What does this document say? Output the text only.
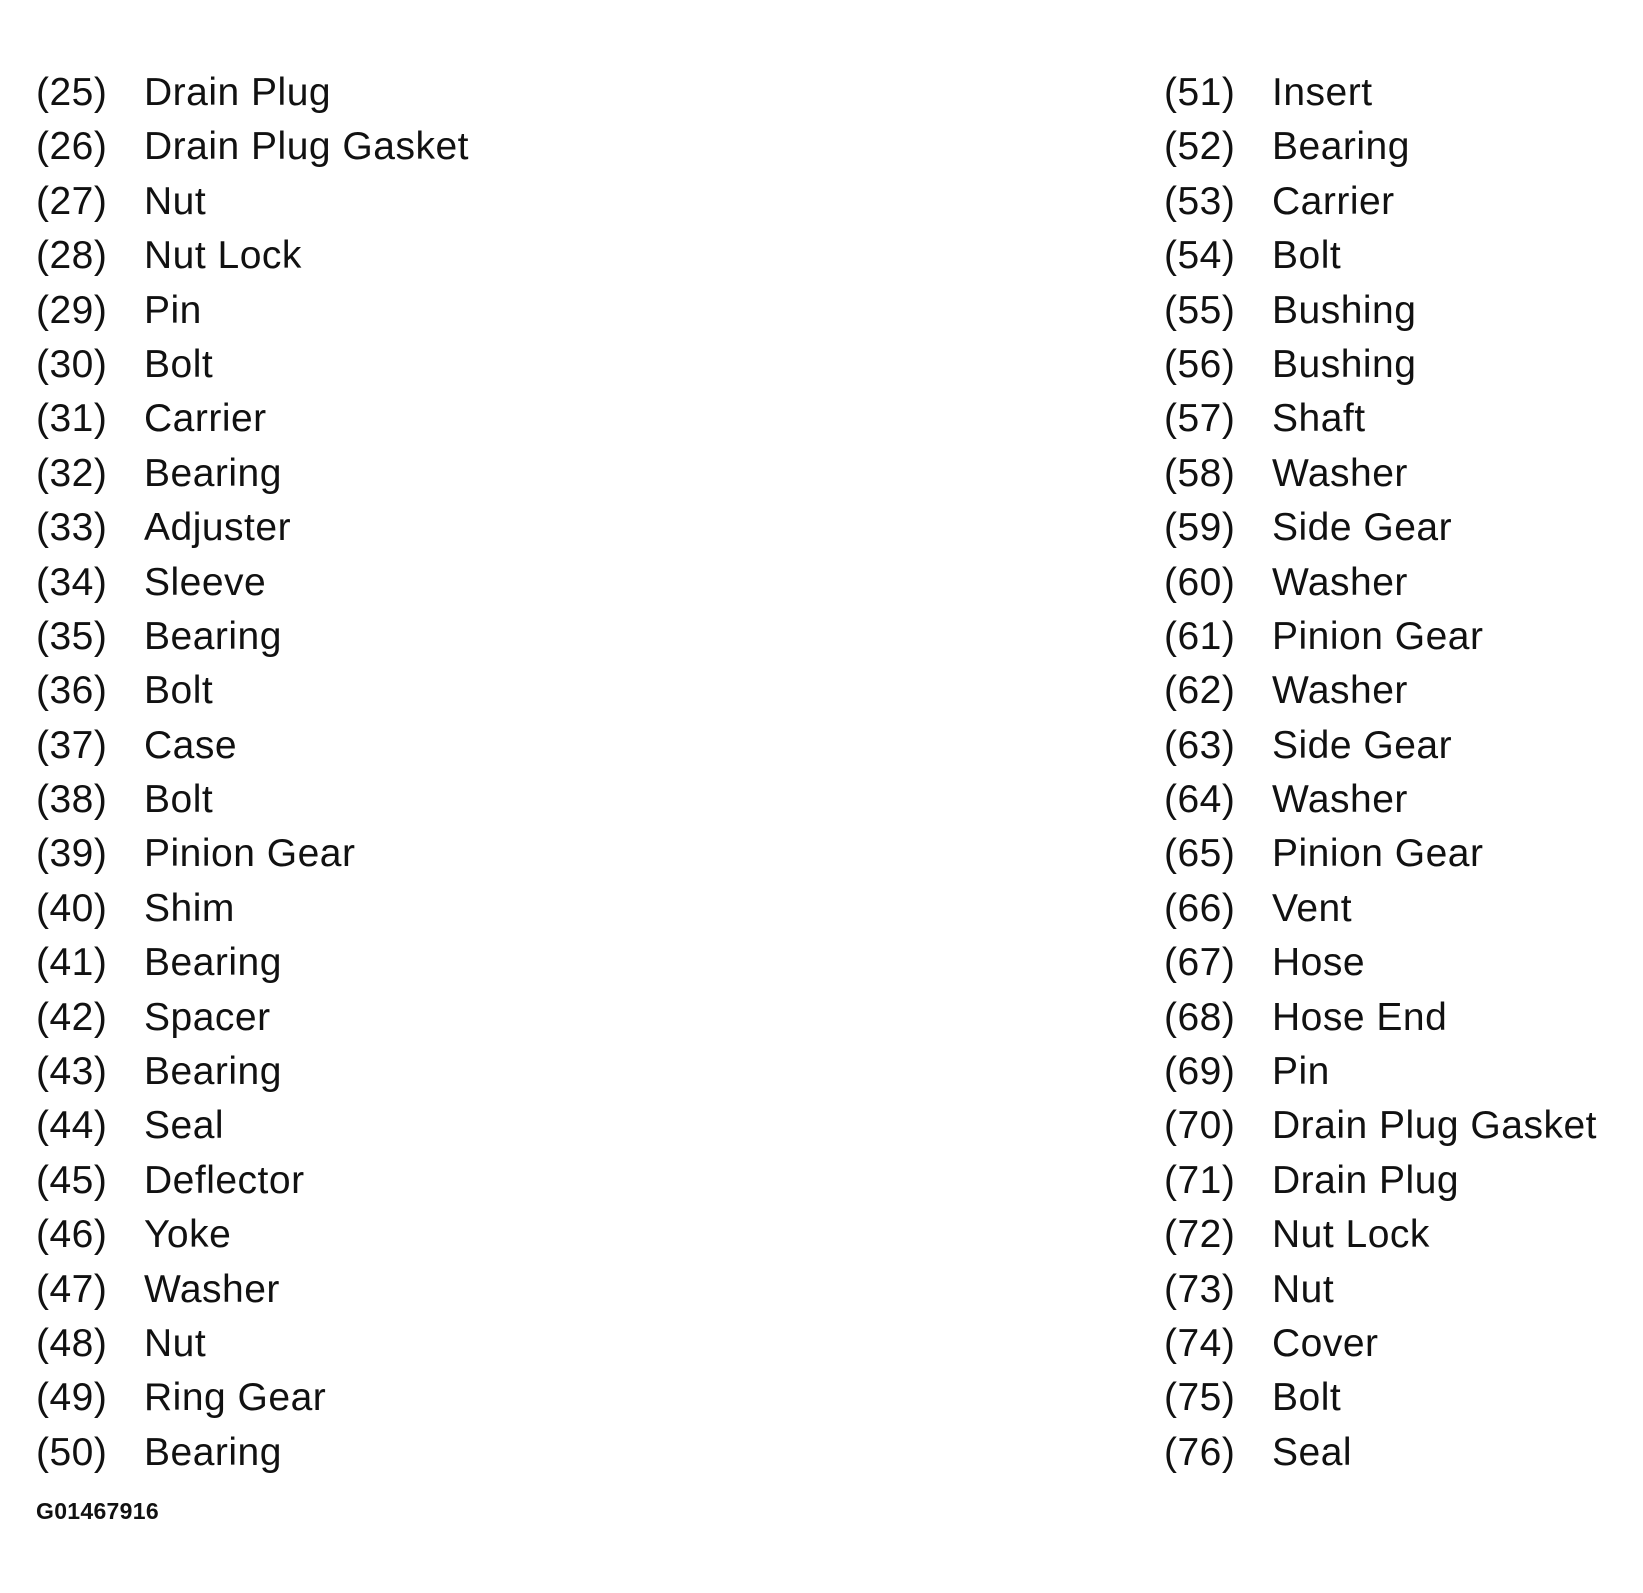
(25) Drain Plug
(26) Drain Plug Gasket
(27) Nut
(28) Nut Lock
(29) Pin
(30) Bolt
(31) Carrier
(32) Bearing
(33) Adjuster
(34) Sleeve
(35) Bearing
(36) Bolt
(37) Case
(38) Bolt
(39) Pinion Gear
(40) Shim
(41) Bearing
(42) Spacer
(43) Bearing
(44) Seal
(45) Deflector
(46) Yoke
(47) Washer
(48) Nut
(49) Ring Gear
(50) Bearing
(51) Insert
(52) Bearing
(53) Carrier
(54) Bolt
(55) Bushing
(56) Bushing
(57) Shaft
(58) Washer
(59) Side Gear
(60) Washer
(61) Pinion Gear
(62) Washer
(63) Side Gear
(64) Washer
(65) Pinion Gear
(66) Vent
(67) Hose
(68) Hose End
(69) Pin
(70) Drain Plug Gasket
(71) Drain Plug
(72) Nut Lock
(73) Nut
(74) Cover
(75) Bolt
(76) Seal
G01467916
